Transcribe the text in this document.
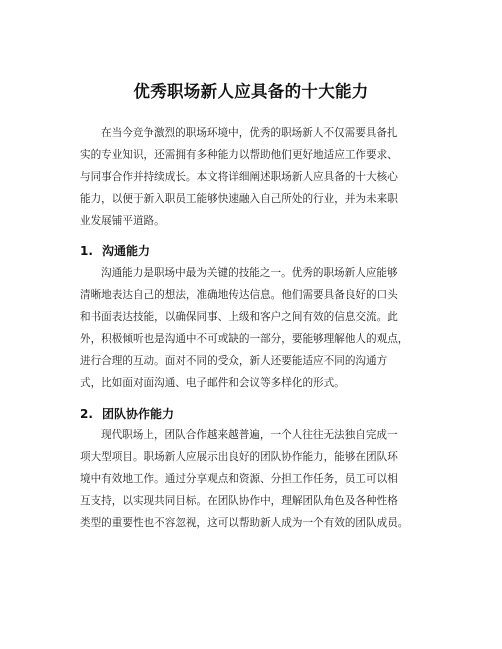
优秀职场新人应具备的十大能力
在当今竞争激烈的职场环境中，优秀的职场新人不仅需要具备扎
实的专业知识，还需拥有多种能力以帮助他们更好地适应工作要求、
与同事合作并持续成长。本文将详细阐述职场新人应具备的十大核心
能力，以便于新入职员工能够快速融入自己所处的行业，并为未来职
业发展铺平道路。
1. 沟通能力
沟通能力是职场中最为关键的技能之一。优秀的职场新人应能够
清晰地表达自己的想法，准确地传达信息。他们需要具备良好的口头
和书面表达技能，以确保同事、上级和客户之间有效的信息交流。此
外，积极倾听也是沟通中不可或缺的一部分，要能够理解他人的观点，
进行合理的互动。面对不同的受众，新人还要能适应不同的沟通方
式，比如面对面沟通、电子邮件和会议等多样化的形式。
2. 团队协作能力
现代职场上，团队合作越来越普遍，一个人往往无法独自完成一
项大型项目。职场新人应展示出良好的团队协作能力，能够在团队环
境中有效地工作。通过分享观点和资源、分担工作任务，员工可以相
互支持，以实现共同目标。在团队协作中，理解团队角色及各种性格
类型的重要性也不容忽视，这可以帮助新人成为一个有效的团队成员。
